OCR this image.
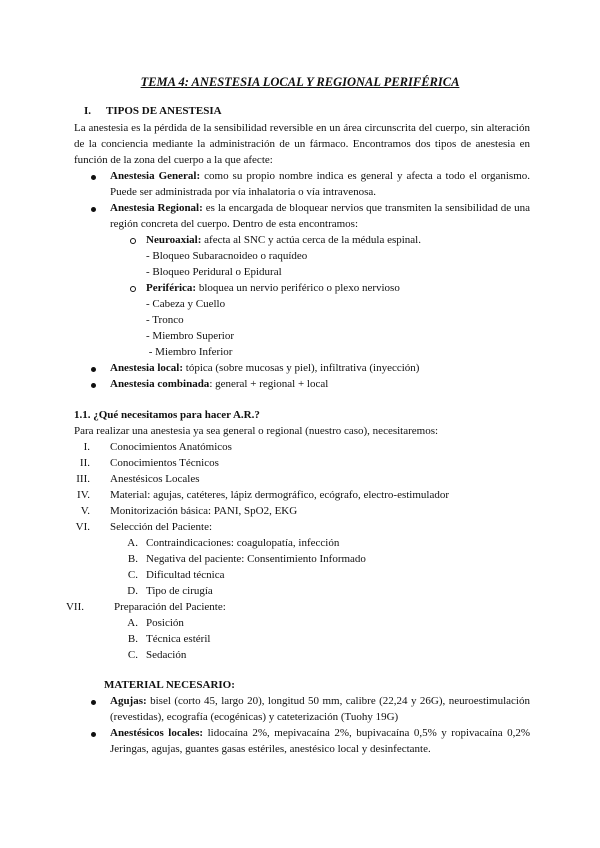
TEMA 4: ANESTESIA LOCAL Y REGIONAL PERIFÉRICA
I. TIPOS DE ANESTESIA
La anestesia es la pérdida de la sensibilidad reversible en un área circunscrita del cuerpo, sin alteración
de la conciencia mediante la administración de un fármaco. Encontramos dos tipos de anestesia en
función de la zona del cuerpo a la que afecte:
Anestesia General: como su propio nombre indica es general y afecta a todo el organismo.
Puede ser administrada por vía inhalatoria o vía intravenosa.
Anestesia Regional: es la encargada de bloquear nervios que transmiten la sensibilidad de una
región concreta del cuerpo. Dentro de esta encontramos:
Neuroaxial: afecta al SNC y actúa cerca de la médula espinal.
- Bloqueo Subaracnoideo o raquídeo
- Bloqueo Peridural o Epidural
Periférica: bloquea un nervio periférico o plexo nervioso
- Cabeza y Cuello
- Tronco
- Miembro Superior
- Miembro Inferior
Anestesia local: tópica (sobre mucosas y piel), infiltrativa (inyección)
Anestesia combinada: general + regional + local
1.1. ¿Qué necesitamos para hacer A.R.?
Para realizar una anestesia ya sea general o regional (nuestro caso), necesitaremos:
I. Conocimientos Anatómicos
II. Conocimientos Técnicos
III. Anestésicos Locales
IV. Material: agujas, catéteres, lápiz dermográfico, ecógrafo, electro-estimulador
V. Monitorización básica: PANI, SpO2, EKG
VI. Selección del Paciente:
A. Contraindicaciones: coagulopatía, infección
B. Negativa del paciente: Consentimiento Informado
C. Dificultad técnica
D. Tipo de cirugía
VII.	Preparación del Paciente:
A. Posición
B. Técnica estéril
C. Sedación
MATERIAL NECESARIO:
Agujas: bisel (corto 45, largo 20), longitud 50 mm, calibre (22,24 y 26G), neuroestimulación
(revestidas), ecografía (ecogénicas) y cateterización (Tuohy 19G)
Anestésicos locales: lidocaína 2%, mepivacaína 2%, bupivacaína 0,5% y ropivacaína 0,2%
Jeringas, agujas, guantes gasas estériles, anestésico local y desinfectante.
